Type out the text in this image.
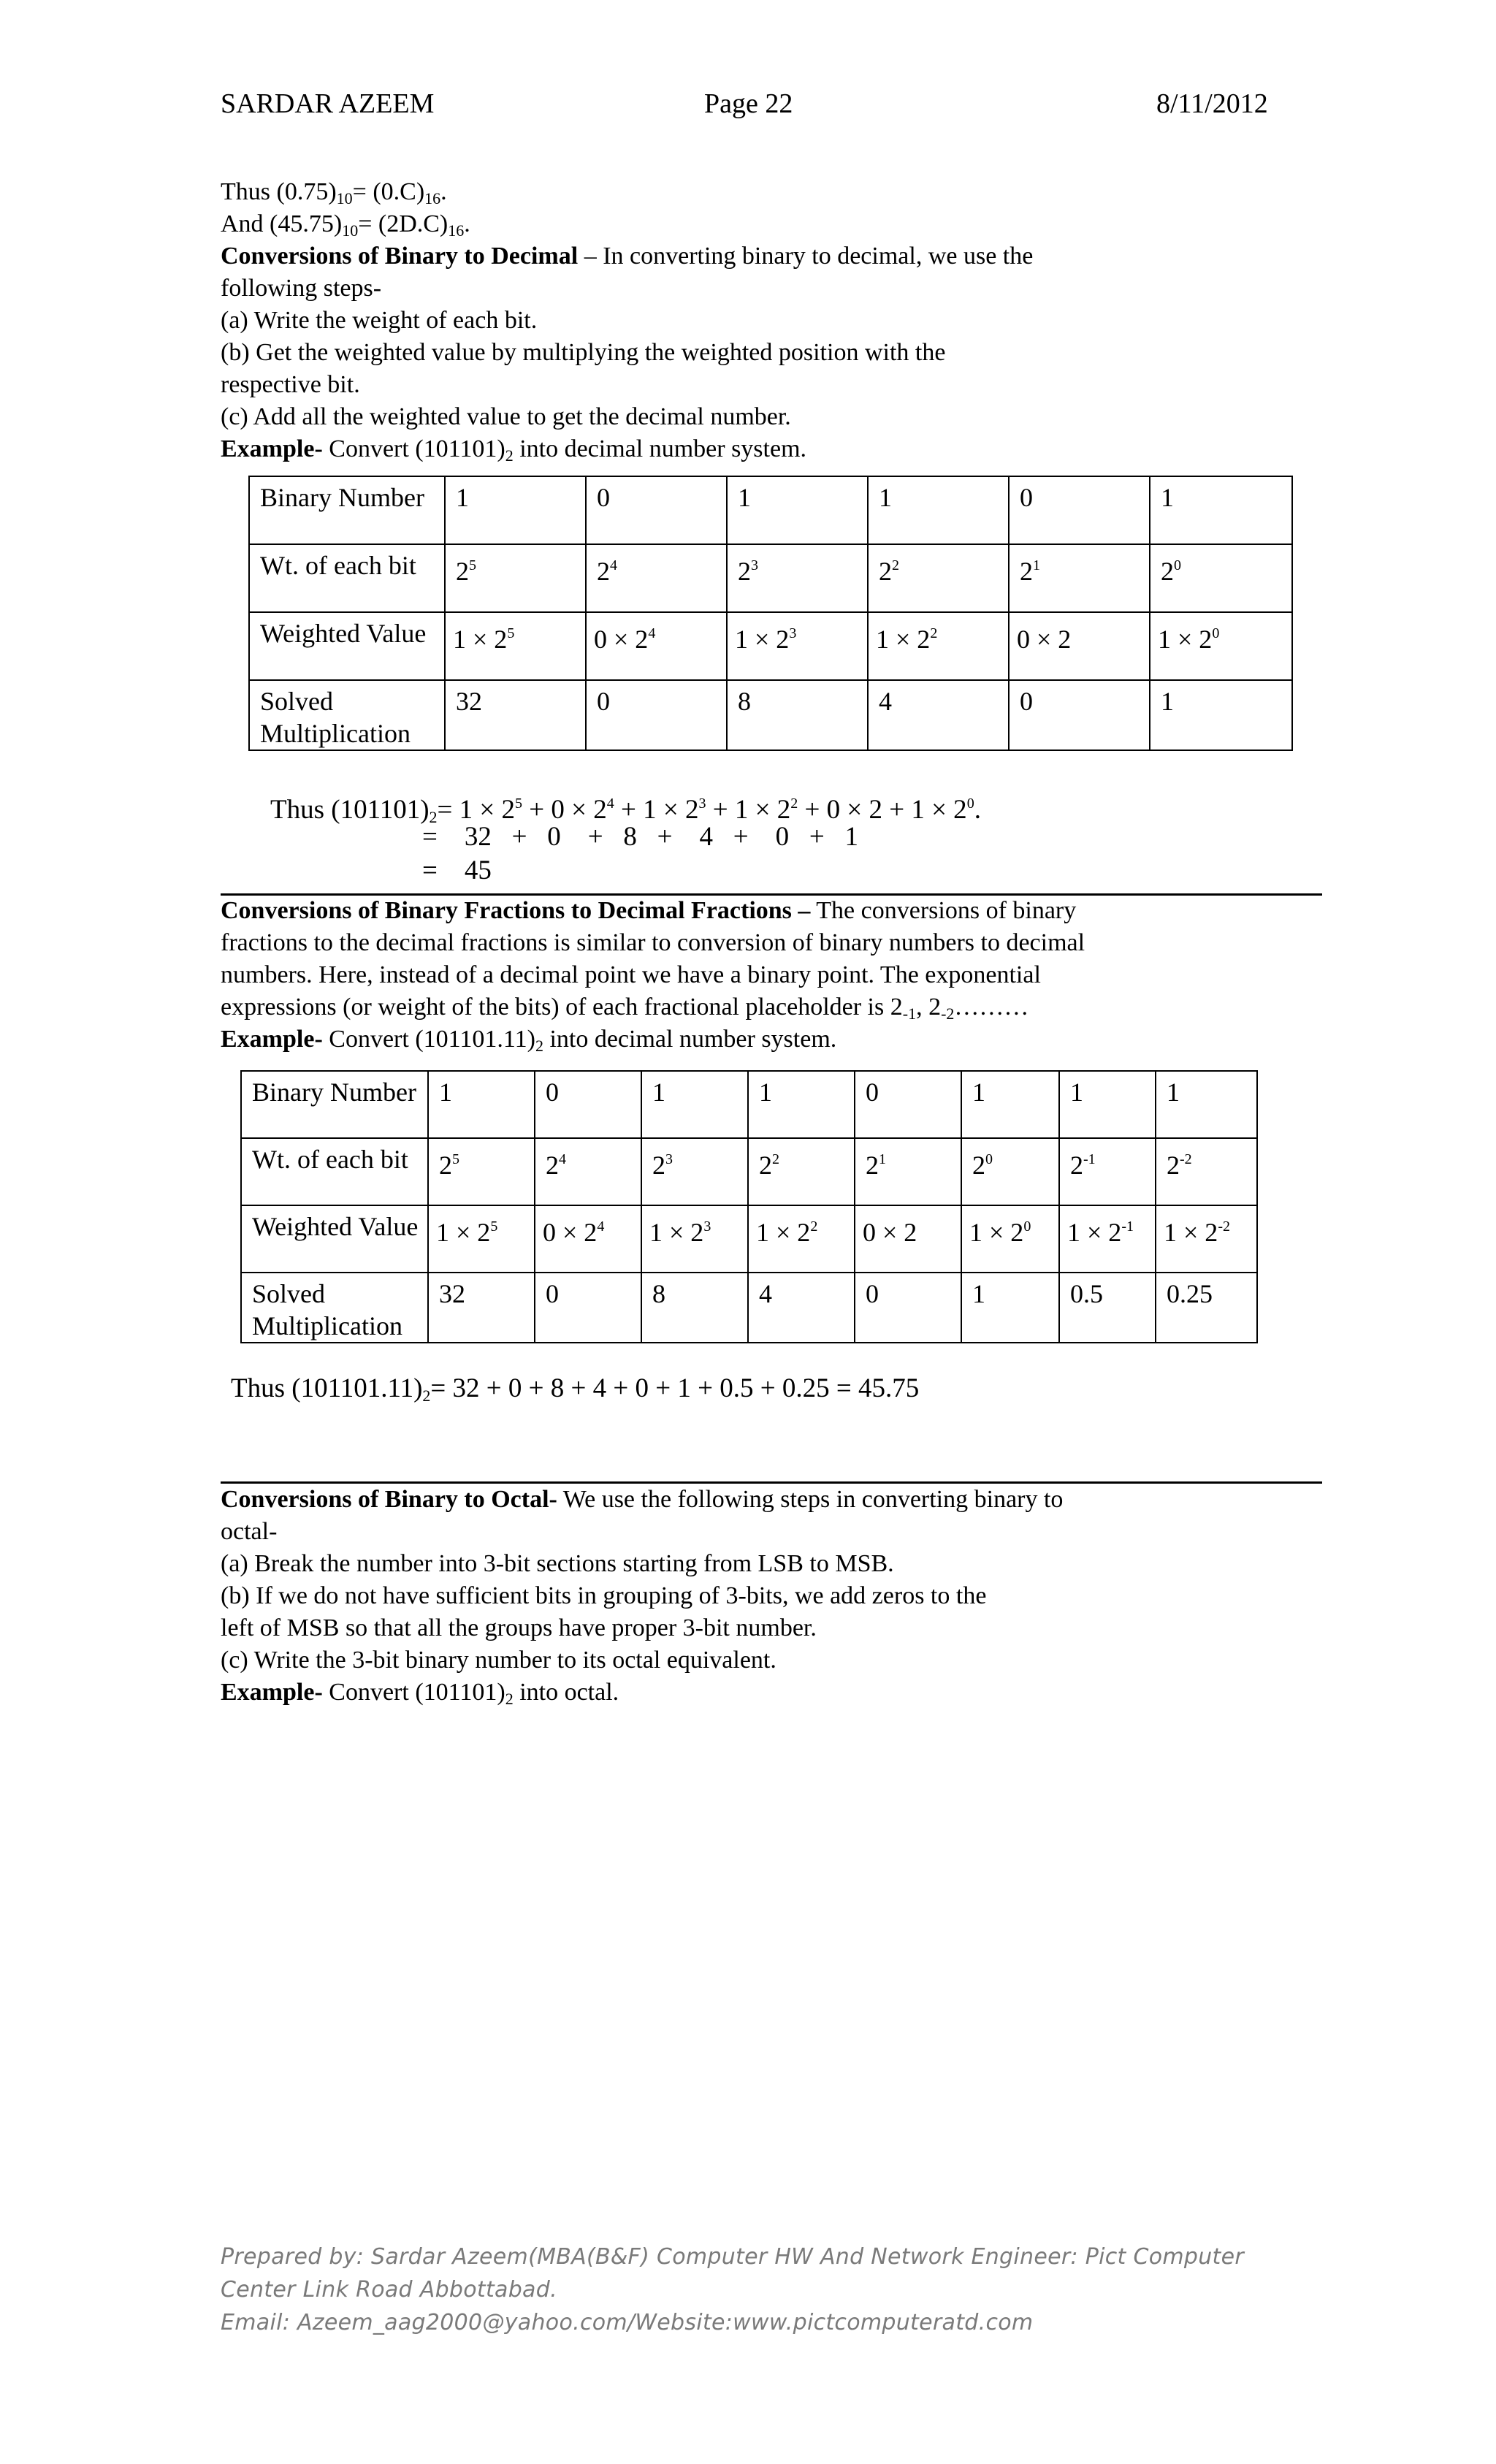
SARDAR AZEEM	Page 22	8/11/2012
Thus $(0.75)_{10}= (0.C)_{16}$.
And $(45.75)_{10}= (2D.C)_{16}$.
Conversions of Binary to Decimal – In converting binary to decimal, we use the
following steps-
(a) Write the weight of each bit.
(b) Get the weighted value by multiplying the weighted position with the
respective bit.
(c) Add all the weighted value to get the decimal number.
Example- Convert $(101101)_2$ into decimal number system.
Binary Number	1	0	1	1	0	1
Wt. of each bit	$2^5$	$2^4$	$2^3$	$2^2$	$2^1$	$2^0$
Weighted Value	$1 \times 2^5$	$0 \times 2^4$	$1 \times 2^3$	$1 \times 2^2$	0 × 2	$1 \times 2^0$
Solved Multiplication	32	0	8	4	0	1
Thus $(101101)_2= 1 \times 2^5 + 0 \times 2^4 + 1 \times 2^3 + 1 \times 2^2 + 0 \times 2 + 1 \times 2^0$.
=    32   +   0    +   8   +    4   +    0   +   1
=    45
Conversions of Binary Fractions to Decimal Fractions – The conversions of binary
fractions to the decimal fractions is similar to conversion of binary numbers to decimal
numbers. Here, instead of a decimal point we have a binary point. The exponential
expressions (or weight of the bits) of each fractional placeholder is $2_{-1}$, $2_{-2}\dots\dots\dots$
Example- Convert $(101101.11)_2$ into decimal number system.
Binary Number	1	0	1	1	0	1	1	1
Wt. of each bit	$2^5$	$2^4$	$2^3$	$2^2$	$2^1$	$2^0$	$2^{-1}$	$2^{-2}$
Weighted Value	$1 \times 2^5$	$0 \times 2^4$	$1 \times 2^3$	$1 \times 2^2$	0 × 2	$1 \times 2^0$	$1 \times 2^{-1}$	$1 \times 2^{-2}$
Solved Multiplication	32	0	8	4	0	1	0.5	0.25
Thus $(101101.11)_2= 32 + 0 + 8 + 4 + 0 + 1 + 0.5 + 0.25 = 45.75$
Conversions of Binary to Octal- We use the following steps in converting binary to
octal-
(a) Break the number into 3-bit sections starting from LSB to MSB.
(b) If we do not have sufficient bits in grouping of 3-bits, we add zeros to the
left of MSB so that all the groups have proper 3-bit number.
(c) Write the 3-bit binary number to its octal equivalent.
Example- Convert $(101101)_2$ into octal.
Prepared by: Sardar Azeem(MBA(B&F) Computer HW And Network Engineer: Pict Computer
Center Link Road Abbottabad.
Email: Azeem_aag2000@yahoo.com/Website:www.pictcomputeratd.com
